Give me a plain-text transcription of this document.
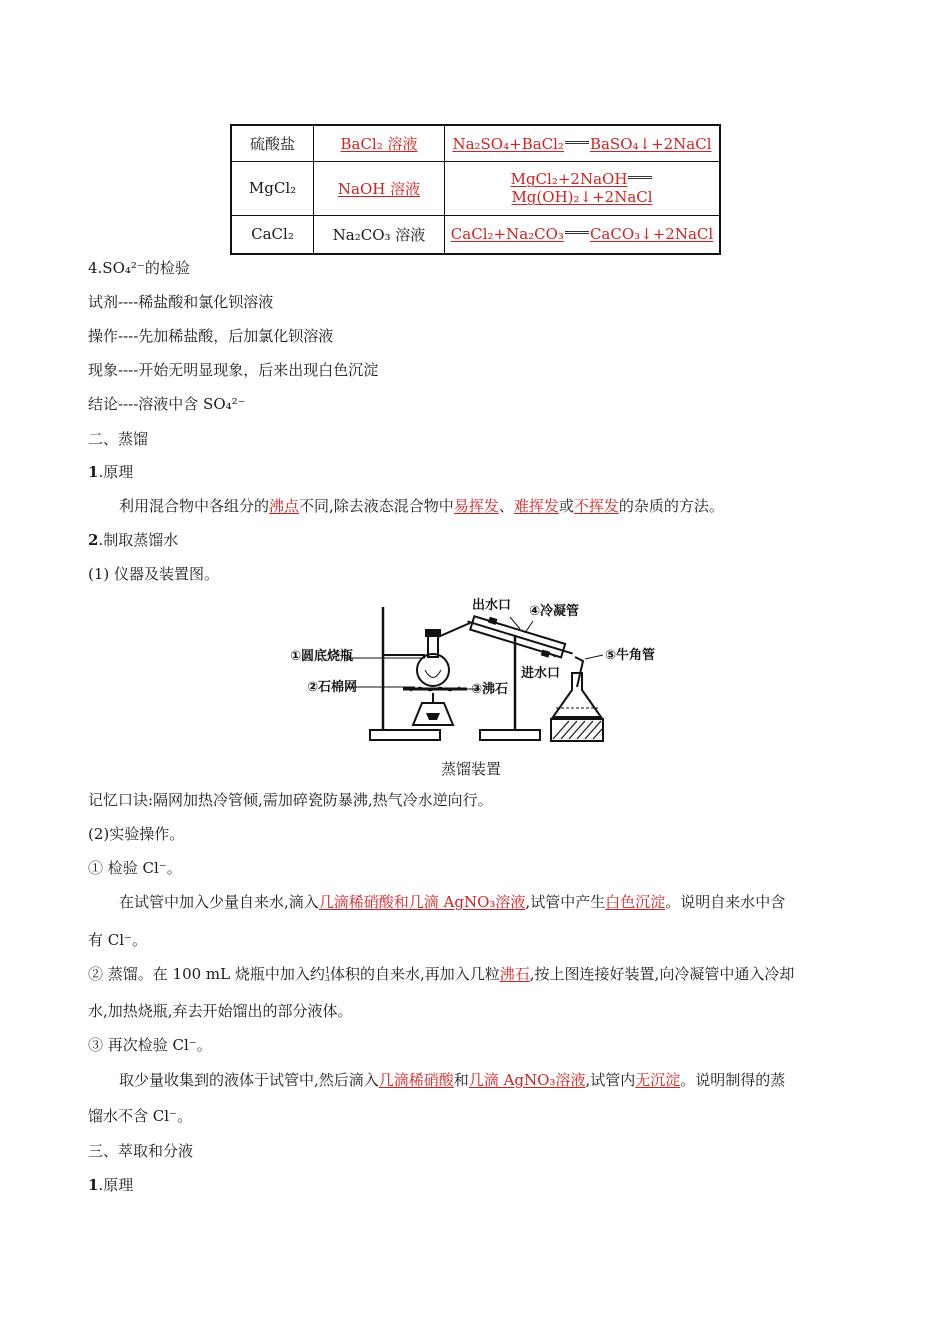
硫酸盐	BaCl₂ 溶液	Na₂SO₄+BaCl₂ BaSO₄↓+2NaCl
MgCl₂	NaOH 溶液	MgCl₂+2NaOHMg(OH)₂↓+2NaCl
CaCl₂	Na₂CO₃ 溶液	CaCl₂+Na₂CO₃ CaCO₃↓+2NaCl
4.SO₄²⁻的检验
试剂----稀盐酸和氯化钡溶液
操作----先加稀盐酸，后加氯化钡溶液
现象----开始无明显现象，后来出现白色沉淀
结论----溶液中含 SO₄²⁻
二、蒸馏
1.原理
利用混合物中各组分的沸点不同,除去液态混合物中易挥发、难挥发或不挥发的杂质的方法。
2.制取蒸馏水
(1) 仪器及装置图。
出水口 ④冷凝管
①圆底烧瓶
②石棉网	③沸石
进水口
⑤牛角管
蒸馏装置
记忆口诀:隔网加热冷管倾,需加碎瓷防暴沸,热气冷水逆向行。
(2)实验操作。
① 检验 Cl⁻。
在试管中加入少量自来水,滴入几滴稀硝酸和几滴 AgNO₃溶液,试管中产生白色沉淀。说明自来水中含
有 Cl⁻。
② 蒸馏。在 100 mL 烧瓶中加入约1
3体积的自来水,再加入几粒沸石,按上图连接好装置,向冷凝管中通入冷却
水,加热烧瓶,弃去开始馏出的部分液体。
③ 再次检验 Cl⁻。
取少量收集到的液体于试管中,然后滴入几滴稀硝酸和几滴 AgNO₃溶液,试管内无沉淀。说明制得的蒸
馏水不含 Cl⁻。
三、萃取和分液
1.原理
